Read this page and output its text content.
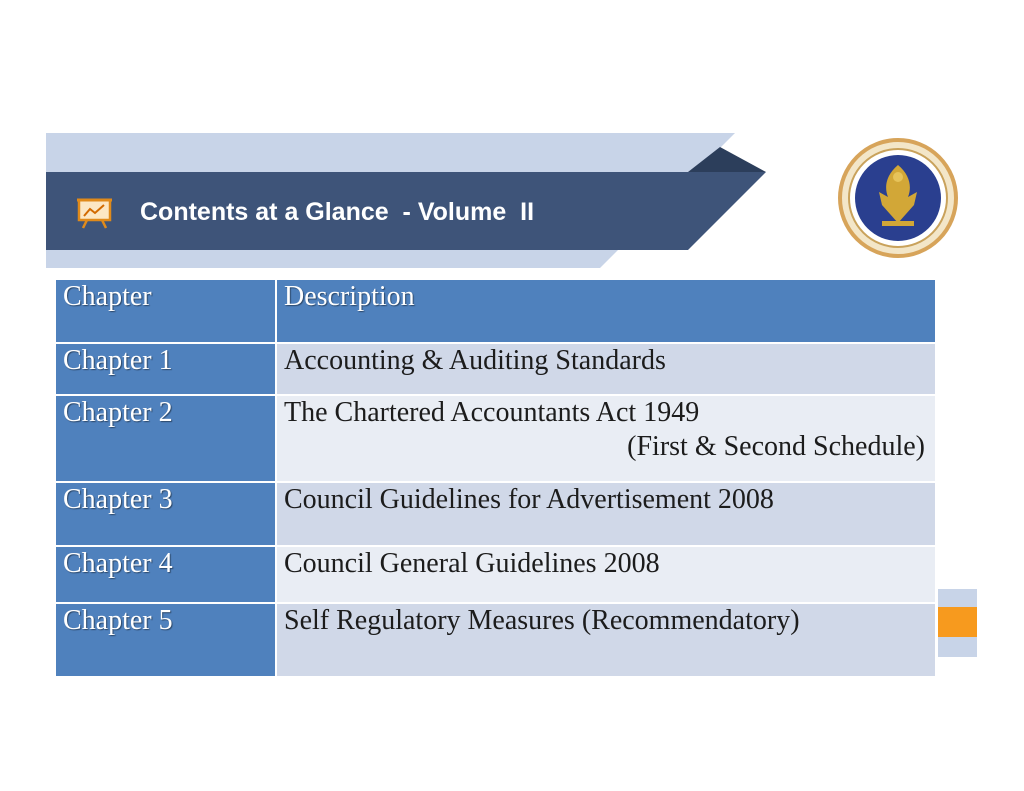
Contents at a Glance  - Volume  II
Chapter	Description
Chapter 1	Accounting & Auditing Standards
Chapter 2	The Chartered Accountants Act 1949
(First & Second Schedule)

Chapter 3	Council Guidelines for Advertisement 2008
Chapter 4	Council General Guidelines 2008
Chapter 5	Self Regulatory Measures (Recommendatory)
